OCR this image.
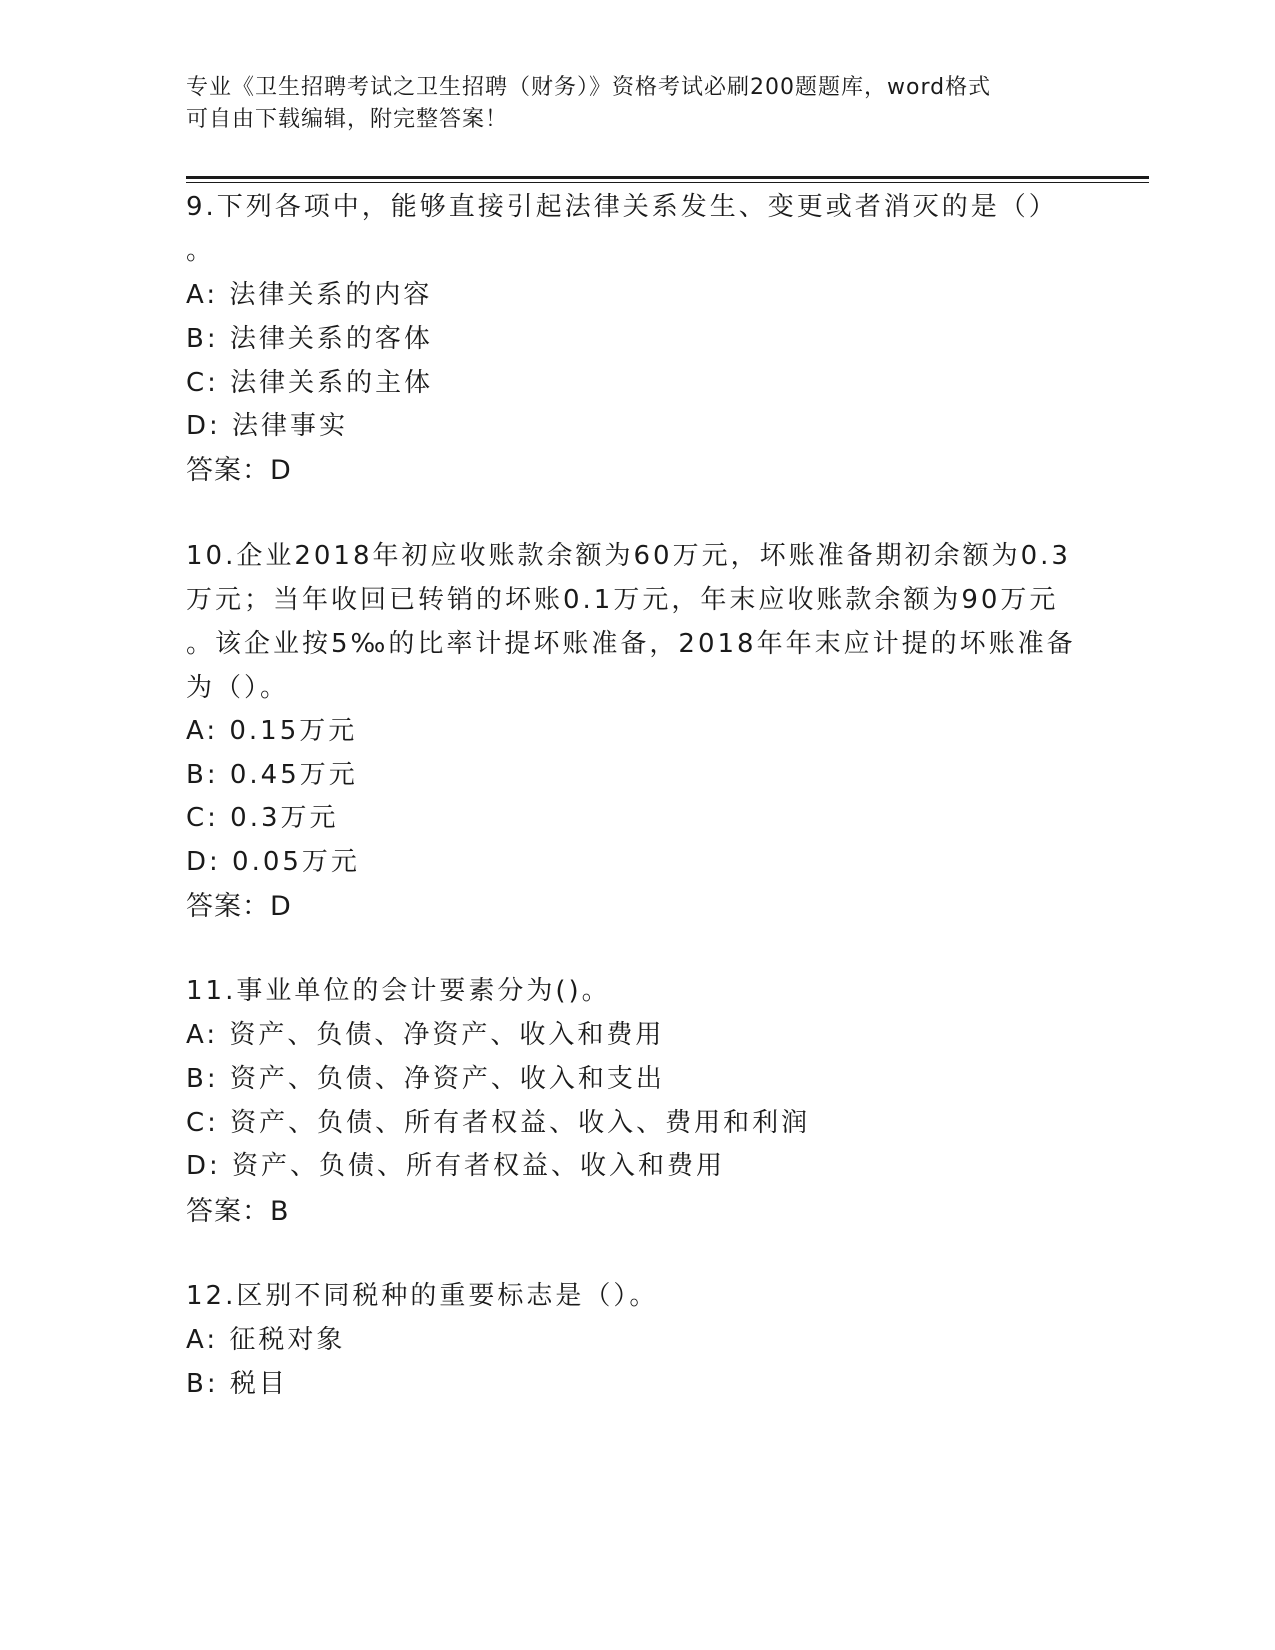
专业《卫生招聘考试之卫生招聘（财务）》资格考试必刷200题题库，word格式
可自由下载编辑，附完整答案！
9.下列各项中，能够直接引起法律关系发生、变更或者消灭的是（）
。
A: 法律关系的内容
B: 法律关系的客体
C: 法律关系的主体
D: 法律事实
答案：D
10.企业2018年初应收账款余额为60万元，坏账准备期初余额为0.3
万元；当年收回已转销的坏账0.1万元，年末应收账款余额为90万元
。该企业按5‰的比率计提坏账准备，2018年年末应计提的坏账准备
为（）。
A: 0.15万元
B: 0.45万元
C: 0.3万元
D: 0.05万元
答案：D
11.事业单位的会计要素分为()。
A: 资产、负债、净资产、收入和费用
B: 资产、负债、净资产、收入和支出
C: 资产、负债、所有者权益、收入、费用和利润
D: 资产、负债、所有者权益、收入和费用
答案：B
12.区别不同税种的重要标志是（）。
A: 征税对象
B: 税目
